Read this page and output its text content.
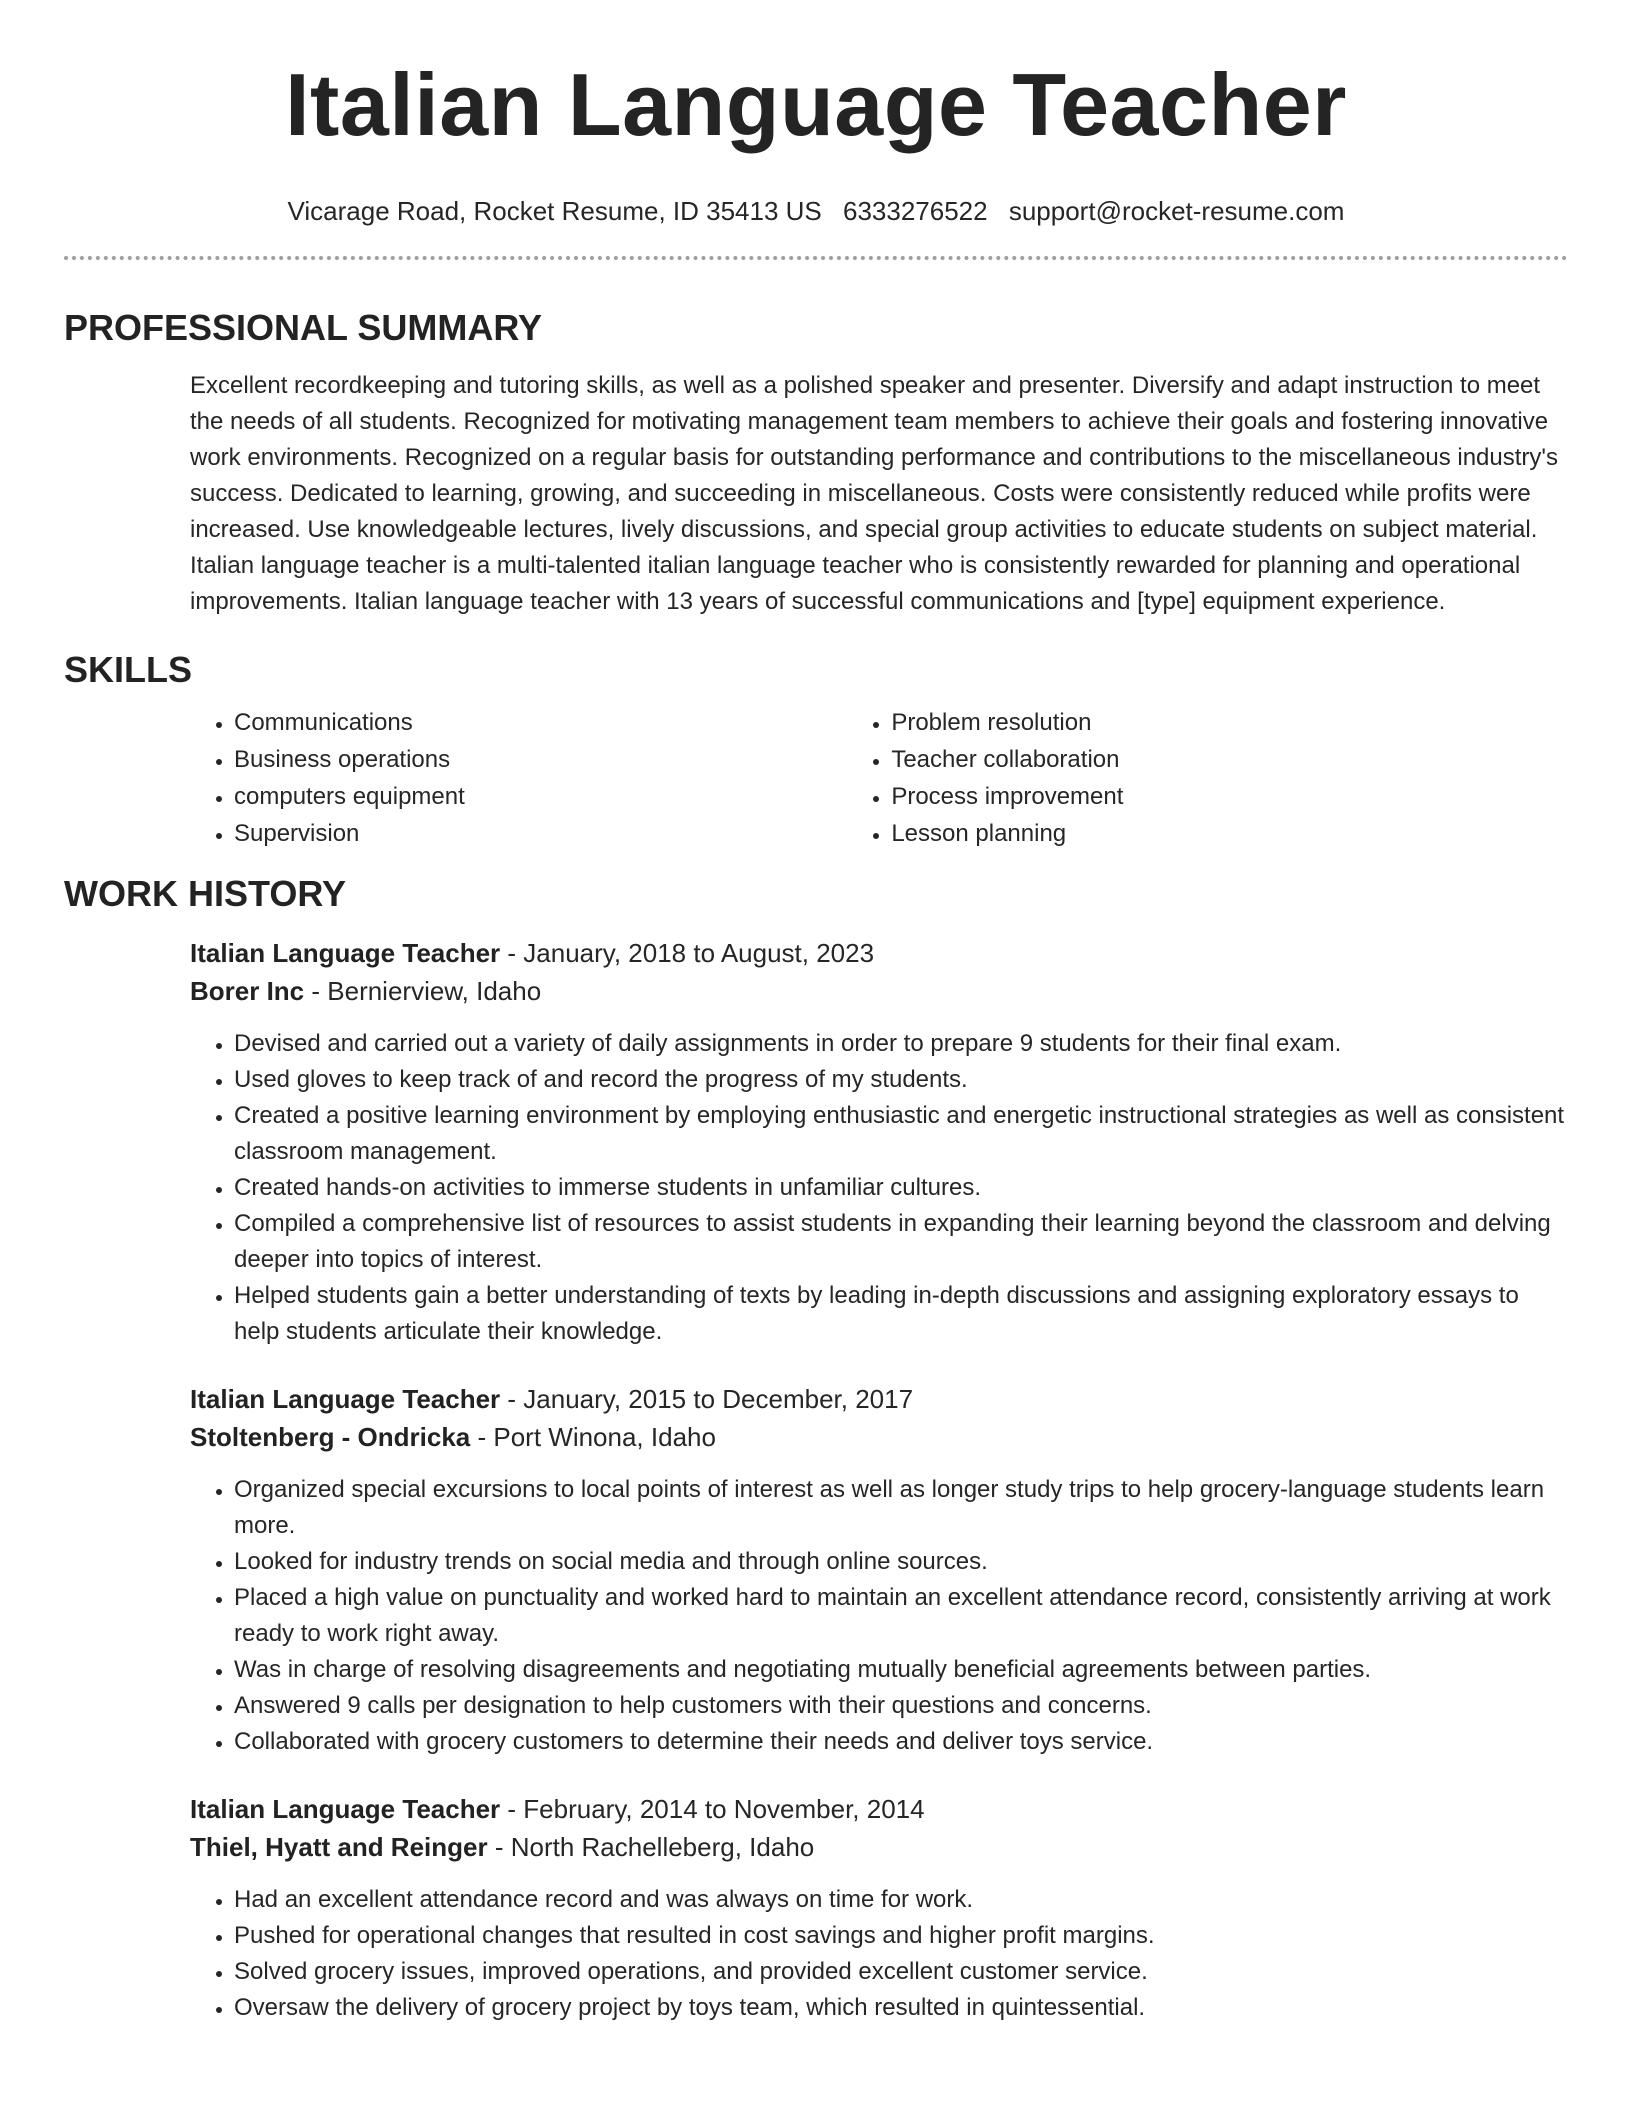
Italian Language Teacher
Vicarage Road, Rocket Resume, ID 35413 US 6333276522 support@rocket-resume.com
PROFESSIONAL SUMMARY
Excellent recordkeeping and tutoring skills, as well as a polished speaker and presenter. Diversify and adapt instruction to meet the needs of all students. Recognized for motivating management team members to achieve their goals and fostering innovative work environments. Recognized on a regular basis for outstanding performance and contributions to the miscellaneous industry's success. Dedicated to learning, growing, and succeeding in miscellaneous. Costs were consistently reduced while profits were increased. Use knowledgeable lectures, lively discussions, and special group activities to educate students on subject material. Italian language teacher is a multi-talented italian language teacher who is consistently rewarded for planning and operational improvements. Italian language teacher with 13 years of successful communications and [type] equipment experience.
SKILLS
• Communications
• Business operations
• computers equipment
• Supervision
• Problem resolution
• Teacher collaboration
• Process improvement
• Lesson planning
WORK HISTORY
Italian Language Teacher - January, 2018 to August, 2023
Borer Inc - Bernierview, Idaho
• Devised and carried out a variety of daily assignments in order to prepare 9 students for their final exam.
• Used gloves to keep track of and record the progress of my students.
• Created a positive learning environment by employing enthusiastic and energetic instructional strategies as well as consistent classroom management.
• Created hands-on activities to immerse students in unfamiliar cultures.
• Compiled a comprehensive list of resources to assist students in expanding their learning beyond the classroom and delving deeper into topics of interest.
• Helped students gain a better understanding of texts by leading in-depth discussions and assigning exploratory essays to help students articulate their knowledge.
Italian Language Teacher - January, 2015 to December, 2017
Stoltenberg - Ondricka - Port Winona, Idaho
• Organized special excursions to local points of interest as well as longer study trips to help grocery-language students learn more.
• Looked for industry trends on social media and through online sources.
• Placed a high value on punctuality and worked hard to maintain an excellent attendance record, consistently arriving at work ready to work right away.
• Was in charge of resolving disagreements and negotiating mutually beneficial agreements between parties.
• Answered 9 calls per designation to help customers with their questions and concerns.
• Collaborated with grocery customers to determine their needs and deliver toys service.
Italian Language Teacher - February, 2014 to November, 2014
Thiel, Hyatt and Reinger - North Rachelleberg, Idaho
• Had an excellent attendance record and was always on time for work.
• Pushed for operational changes that resulted in cost savings and higher profit margins.
• Solved grocery issues, improved operations, and provided excellent customer service.
• Oversaw the delivery of grocery project by toys team, which resulted in quintessential.
